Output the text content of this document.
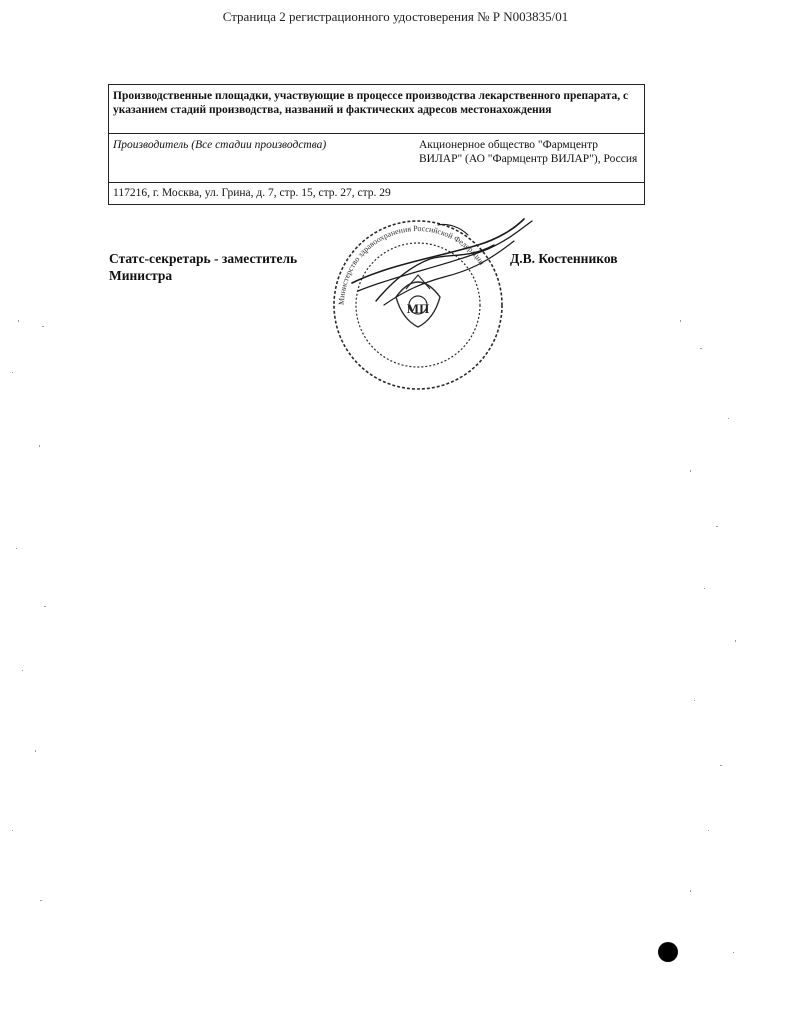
Страница 2 регистрационного удостоверения № Р N003835/01
Производственные площадки, участвующие в процессе производства лекарственного препарата, с указанием стадий производства, названий и фактических адресов местонахождения
Производитель (Все стадии производства)	Акционерное общество "Фармцентр ВИЛАР" (АО "Фармцентр ВИЛАР"), Россия
117216, г. Москва, ул. Грина, д. 7, стр. 15, стр. 27, стр. 29
Статс-секретарь - заместитель Министра
Д.В. Костенников
МП
Министерство здравоохранения Российской Федерации
